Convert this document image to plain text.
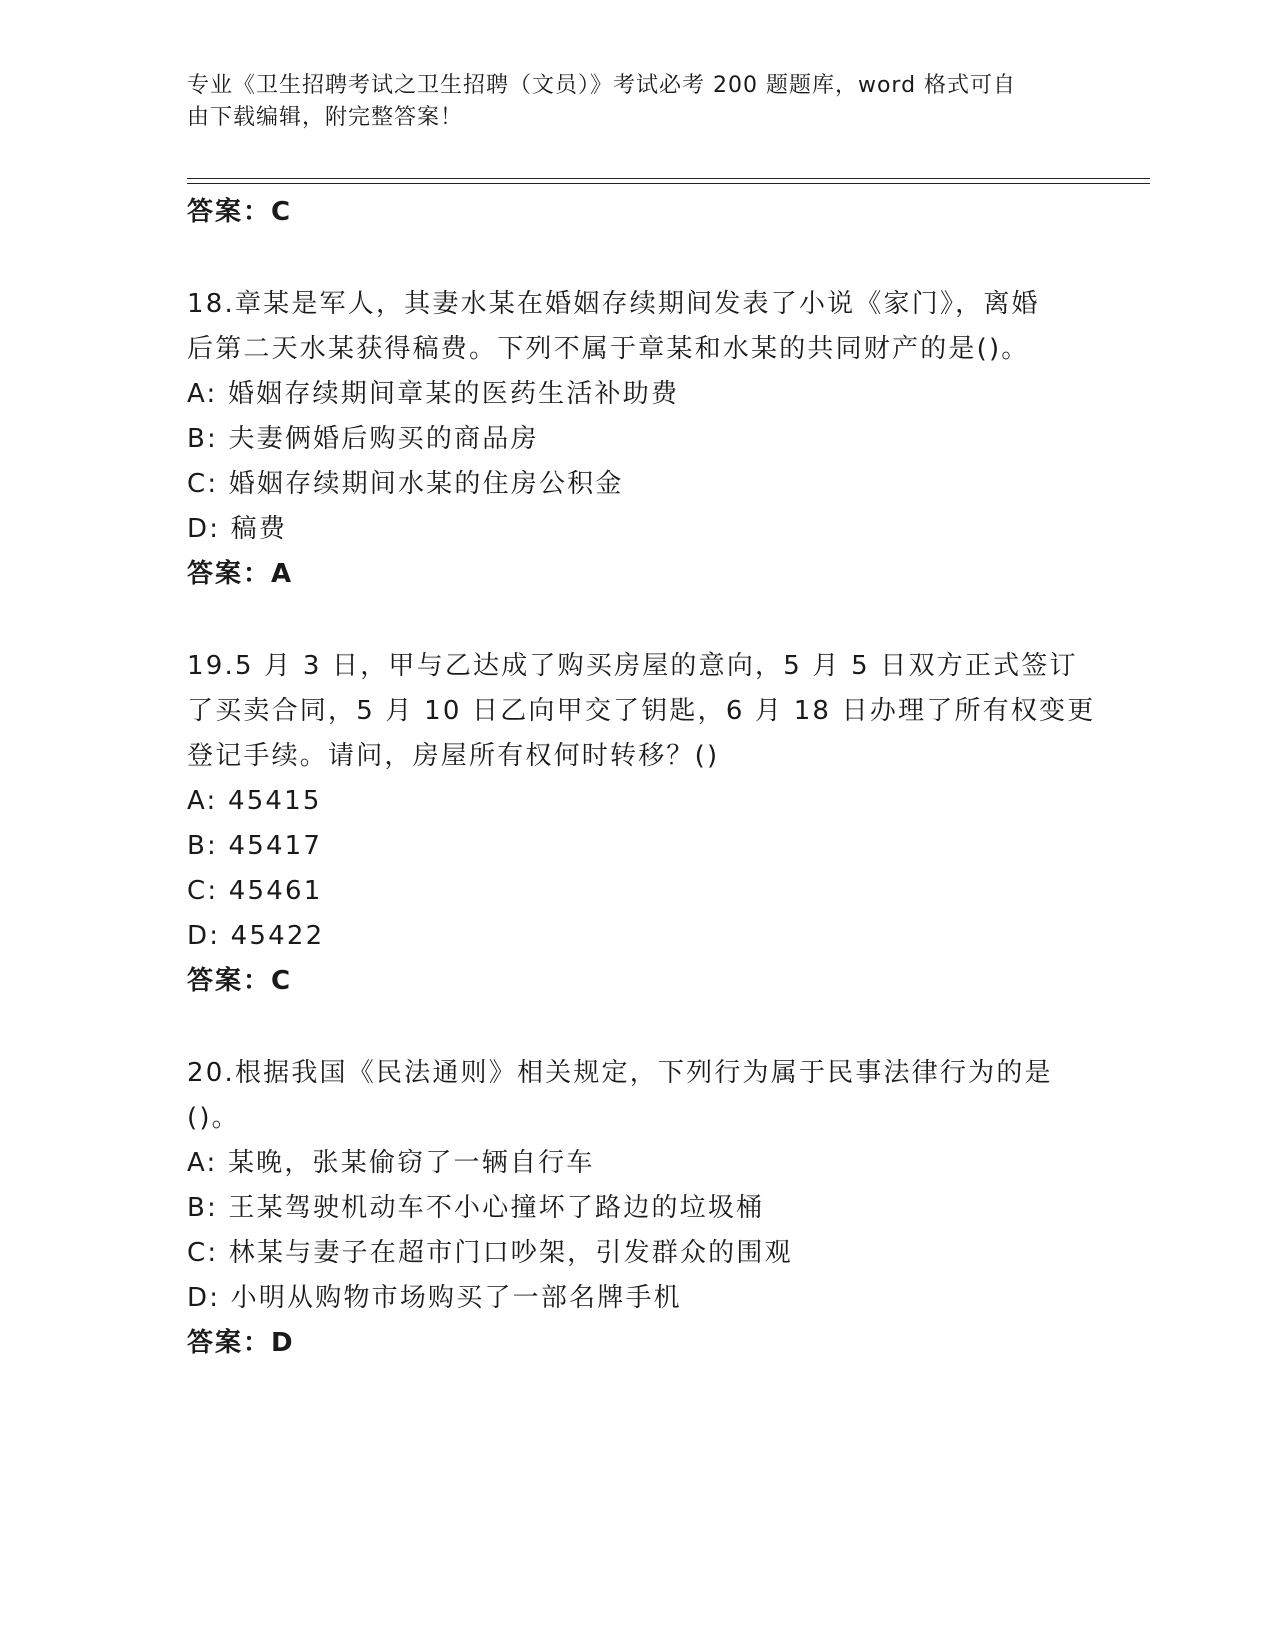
专业《卫生招聘考试之卫生招聘（文员）》考试必考 200 题题库，word 格式可自
由下载编辑，附完整答案！
答案：C
18.章某是军人，其妻水某在婚姻存续期间发表了小说《家门》，离婚
后第二天水某获得稿费。下列不属于章某和水某的共同财产的是()。
A: 婚姻存续期间章某的医药生活补助费
B: 夫妻俩婚后购买的商品房
C: 婚姻存续期间水某的住房公积金
D: 稿费
答案：A
19.5 月 3 日，甲与乙达成了购买房屋的意向，5 月 5 日双方正式签订
了买卖合同，5 月 10 日乙向甲交了钥匙，6 月 18 日办理了所有权变更
登记手续。请问，房屋所有权何时转移？()
A: 45415
B: 45417
C: 45461
D: 45422
答案：C
20.根据我国《民法通则》相关规定，下列行为属于民事法律行为的是
()。
A: 某晚，张某偷窃了一辆自行车
B: 王某驾驶机动车不小心撞坏了路边的垃圾桶
C: 林某与妻子在超市门口吵架，引发群众的围观
D: 小明从购物市场购买了一部名牌手机
答案：D
